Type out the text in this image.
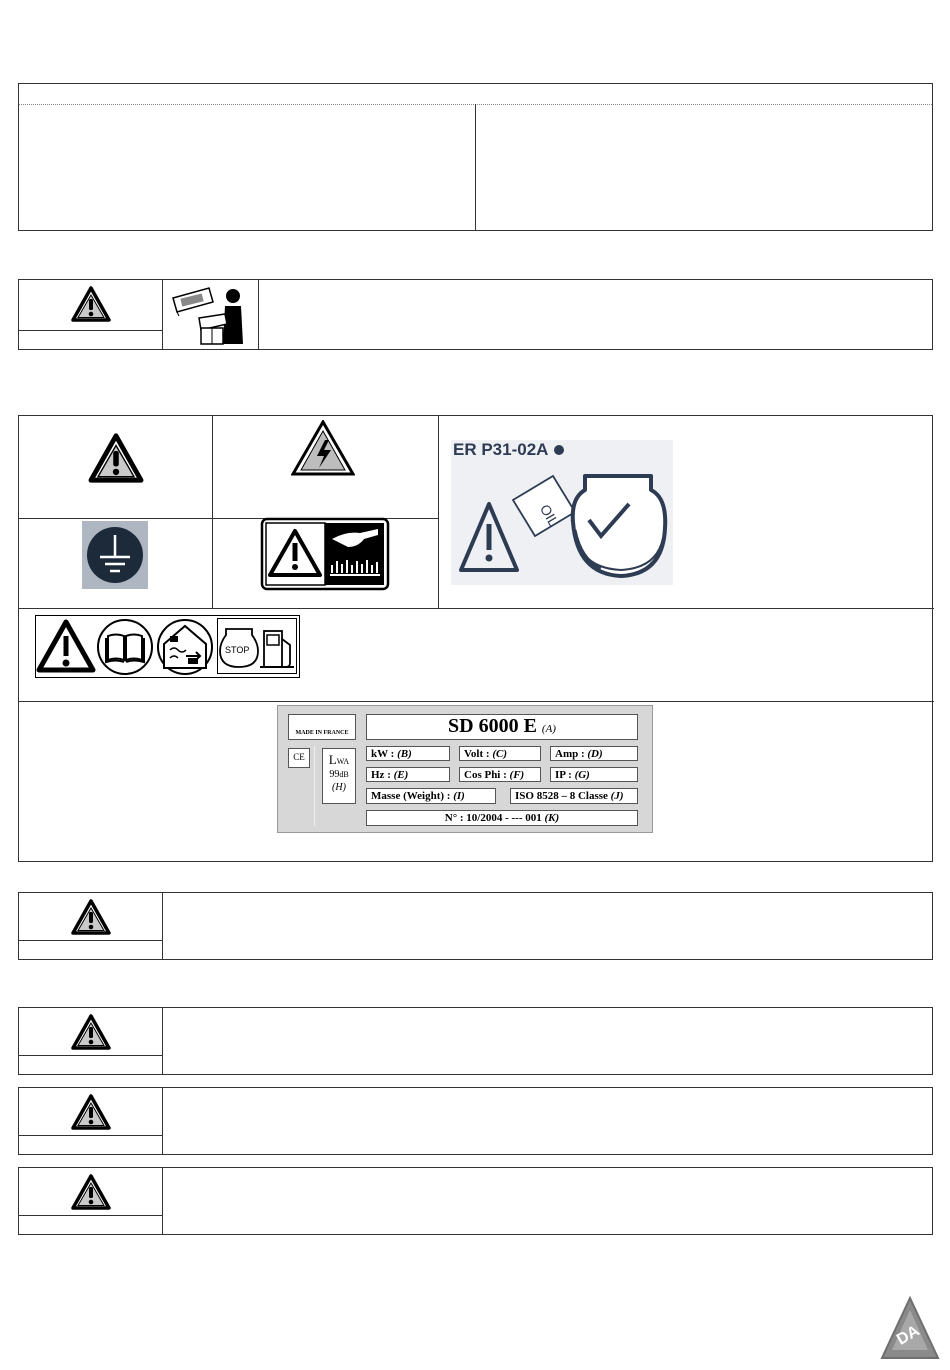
ER P31-02A
OIL
STOP
MADE IN FRANCE	SD 6000 E (A)
CE	LWA
99dB
(H)
kW : (B)	Volt : (C)	Amp : (D)
Hz : (E)	Cos Phi : (F)	IP : (G)
Masse (Weight) : (I)	ISO 8528 – 8 Classe (J)
N° : 10/2004 - --- 001 (K)
DA
